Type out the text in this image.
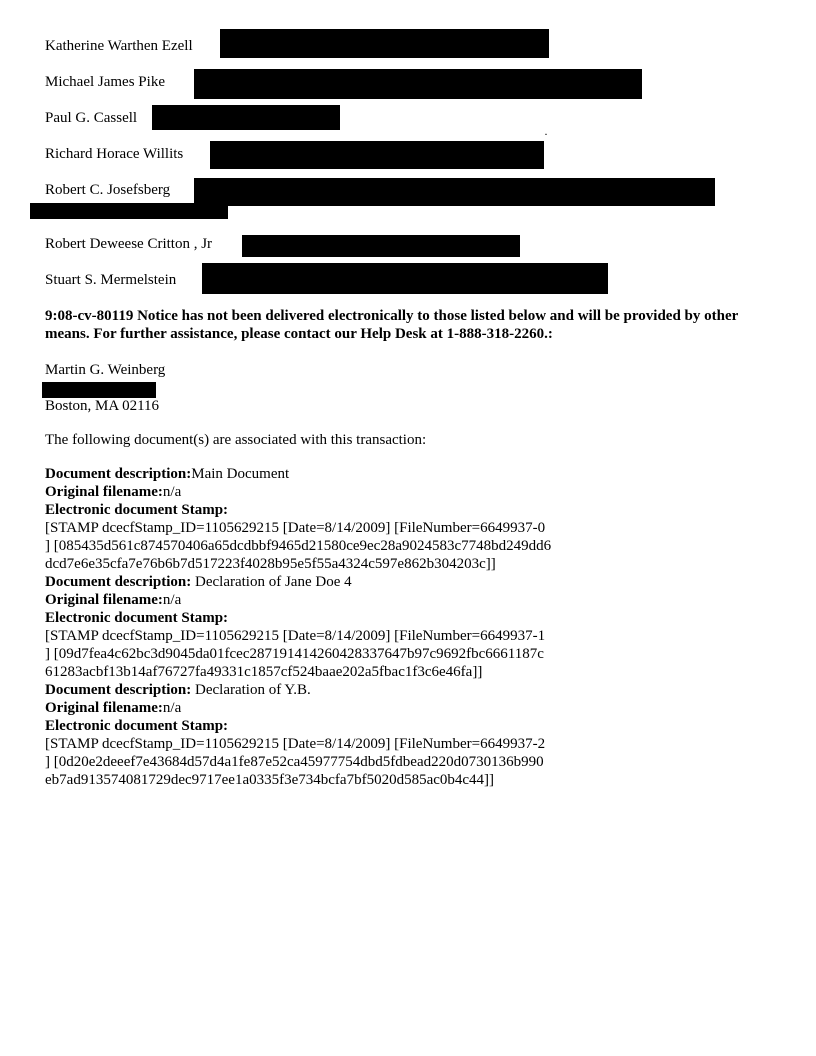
Katherine Warthen Ezell
Michael James Pike
Paul G. Cassell
·
Richard Horace Willits
Robert C. Josefsberg
Robert Deweese Critton , Jr
Stuart S. Mermelstein
9:08-cv-80119 Notice has not been delivered electronically to those listed below and will be provided by other means. For further assistance, please contact our Help Desk at 1-888-318-2260.:
Martin G. Weinberg
Boston, MA 02116
The following document(s) are associated with this transaction:
Document description:Main Document
Original filename:n/a
Electronic document Stamp:
[STAMP dcecfStamp_ID=1105629215 [Date=8/14/2009] [FileNumber=6649937-0
] [085435d561c874570406a65dcdbbf9465d21580ce9ec28a9024583c7748bd249dd6
dcd7e6e35cfa7e76b6b7d517223f4028b95e5f55a4324c597e862b304203c]]
Document description: Declaration of Jane Doe 4
Original filename:n/a
Electronic document Stamp:
[STAMP dcecfStamp_ID=1105629215 [Date=8/14/2009] [FileNumber=6649937-1
] [09d7fea4c62bc3d9045da01fcec287191414260428337647b97c9692fbc6661187c
61283acbf13b14af76727fa49331c1857cf524baae202a5fbac1f3c6e46fa]]
Document description: Declaration of Y.B.
Original filename:n/a
Electronic document Stamp:
[STAMP dcecfStamp_ID=1105629215 [Date=8/14/2009] [FileNumber=6649937-2
] [0d20e2deeef7e43684d57d4a1fe87e52ca45977754dbd5fdbead220d0730136b990
eb7ad913574081729dec9717ee1a0335f3e734bcfa7bf5020d585ac0b4c44]]
